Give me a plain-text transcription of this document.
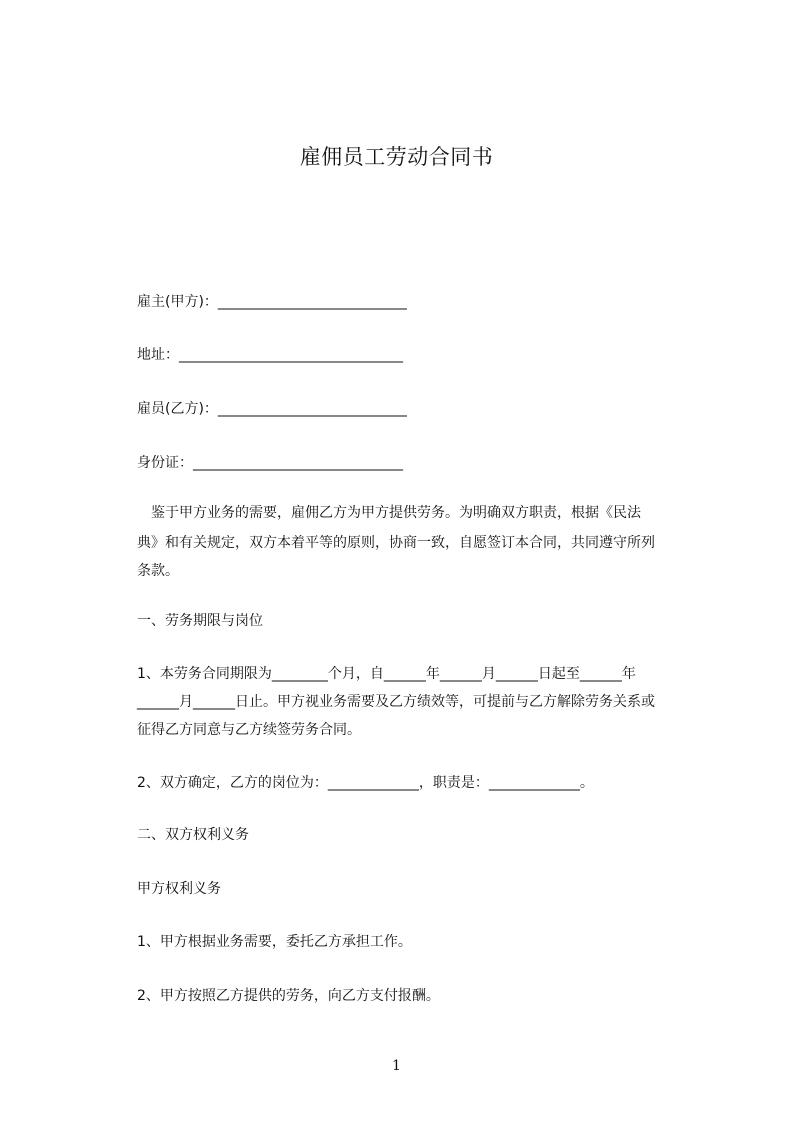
雇佣员工劳动合同书
雇主(甲方)：___________________________
地址：________________________________
雇员(乙方)：___________________________
身份证：______________________________
　鉴于甲方业务的需要，雇佣乙方为甲方提供劳务。为明确双方职责，根据《民法
典》和有关规定，双方本着平等的原则，协商一致，自愿签订本合同，共同遵守所列
条款。
一、劳务期限与岗位
1、本劳务合同期限为________个月，自______年______月______日起至______年
______月______日止。甲方视业务需要及乙方绩效等，可提前与乙方解除劳务关系或
征得乙方同意与乙方续签劳务合同。
2、双方确定，乙方的岗位为：_____________，职责是：_____________。
二、双方权利义务
甲方权利义务
1、甲方根据业务需要，委托乙方承担工作。
2、甲方按照乙方提供的劳务，向乙方支付报酬。
1
